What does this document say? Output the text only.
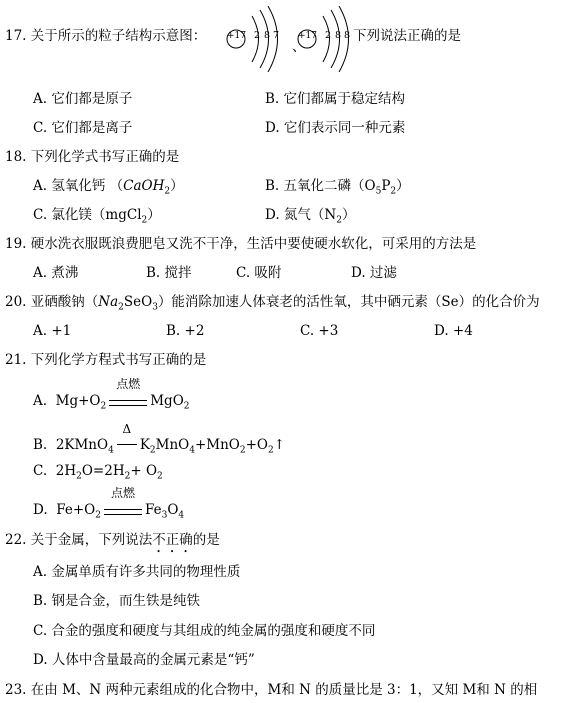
17. 关于所示的粒子结构示意图： +17 2 8 7
、
+17 2 8 8 下列说法正确的是
A. 它们都是原子	B. 它们都属于稳定结构
C. 它们都是离子	D. 它们表示同一种元素
18. 下列化学式书写正确的是
A. 氢氧化钙 （CaOH$_2$）	B. 五氧化二磷$(O_5P_2)$
C. 氯化镁（mgCl$_2$）	D. 氮气$(N_2)$
19. 硬水洗衣服既浪费肥皂又洗不干净，生活中要使硬水软化，可采用的方法是
A. 煮沸	B. 搅拌	C. 吸附	D. 过滤
20. 亚硒酸钠$(Na_2SeO_3)$能消除加速人体衰老的活性氧，其中硒元素（Se）的化合价为
A. +1	B. +2	C. +3	D. +4
21. 下列化学方程式书写正确的是
A. $Mg+O_2$
点燃
MgO$_2$
B. 2KMnO$_4$
Δ
$K_2MnO_4+MnO_2+O_2↑$
C. $2H_2O=2H_2+ O_2$
D. $Fe+O_2$
点燃
$Fe_3O_4$
22. 关于金属，下列说法不正确的是
A. 金属单质有许多共同的物理性质
B. 钢是合金，而生铁是纯铁
C. 合金的强度和硬度与其组成的纯金属的强度和硬度不同
D. 人体中含量最高的金属元素是“钙”
23. 在由 M、N 两种元素组成的化合物中，M和 N 的质量比是 3：1，又知 M和 N 的相
